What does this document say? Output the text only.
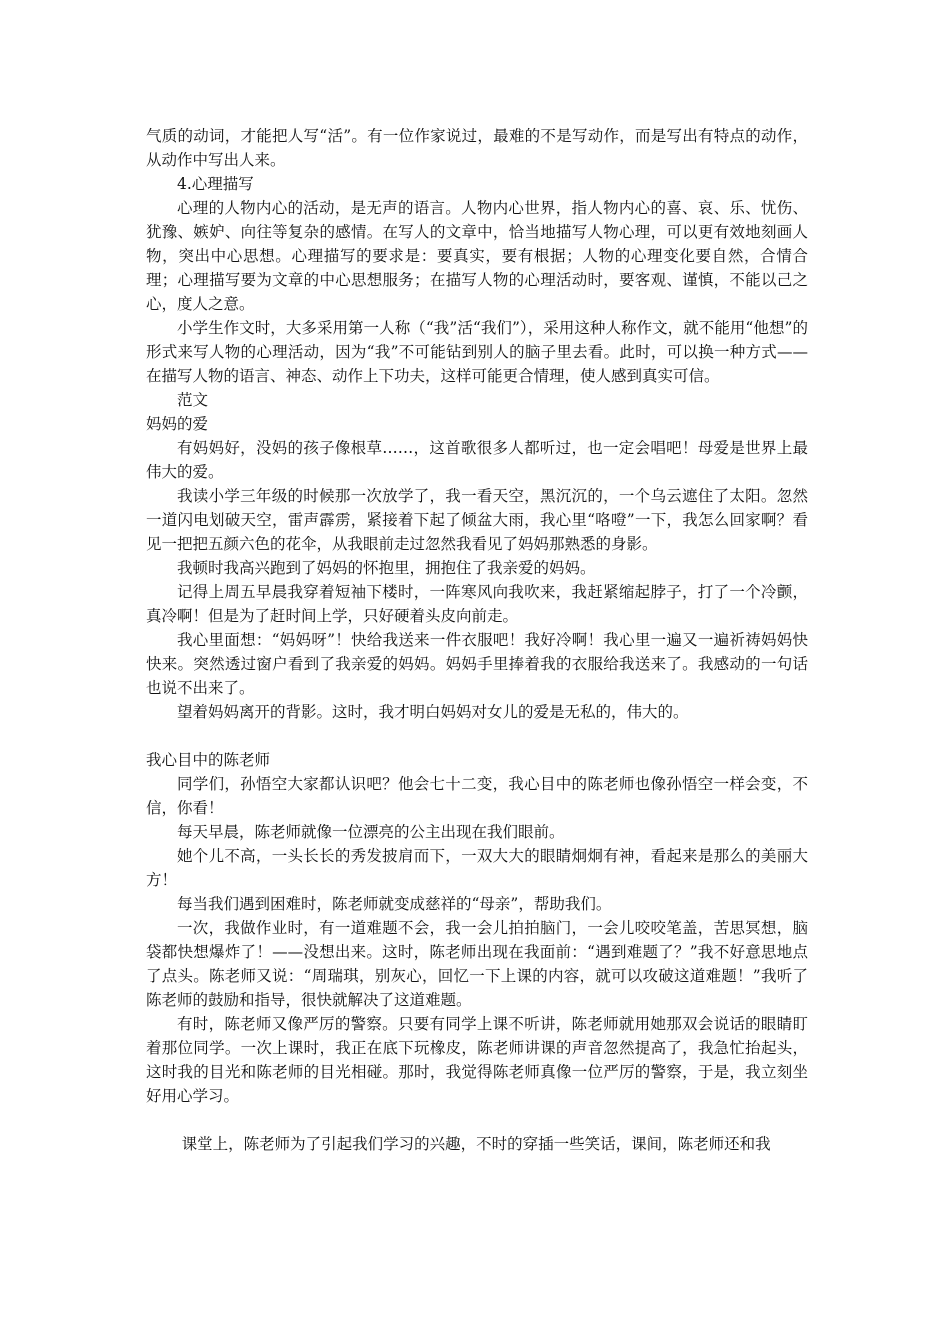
气质的动词，才能把人写“活”。有一位作家说过，最难的不是写动作，而是写出有特点的动作，从动作中写出人来。

4.心理描写

心理的人物内心的活动，是无声的语言。人物内心世界，指人物内心的喜、哀、乐、忧伤、犹豫、嫉妒、向往等复杂的感情。在写人的文章中，恰当地描写人物心理，可以更有效地刻画人物，突出中心思想。心理描写的要求是：要真实，要有根据；人物的心理变化要自然，合情合理；心理描写要为文章的中心思想服务；在描写人物的心理活动时，要客观、谨慎，不能以己之心，度人之意。

小学生作文时，大多采用第一人称（“我”活“我们”），采用这种人称作文，就不能用“他想”的形式来写人物的心理活动，因为“我”不可能钻到别人的脑子里去看。此时，可以换一种方式——在描写人物的语言、神态、动作上下功夫，这样可能更合情理，使人感到真实可信。

范文

妈妈的爱

有妈妈好，没妈的孩子像根草……，这首歌很多人都听过，也一定会唱吧！母爱是世界上最伟大的爱。

我读小学三年级的时候那一次放学了，我一看天空，黑沉沉的，一个乌云遮住了太阳。忽然一道闪电划破天空，雷声霹雳，紧接着下起了倾盆大雨，我心里“咯噔”一下，我怎么回家啊？看见一把把五颜六色的花伞，从我眼前走过忽然我看见了妈妈那熟悉的身影。

我顿时我高兴跑到了妈妈的怀抱里，拥抱住了我亲爱的妈妈。

记得上周五早晨我穿着短袖下楼时，一阵寒风向我吹来，我赶紧缩起脖子，打了一个冷颤，真冷啊！但是为了赶时间上学，只好硬着头皮向前走。

我心里面想：“妈妈呀”！快给我送来一件衣服吧！我好冷啊！我心里一遍又一遍祈祷妈妈快快来。突然透过窗户看到了我亲爱的妈妈。妈妈手里捧着我的衣服给我送来了。我感动的一句话也说不出来了。

望着妈妈离开的背影。这时，我才明白妈妈对女儿的爱是无私的，伟大的。

我心目中的陈老师

同学们，孙悟空大家都认识吧？他会七十二变，我心目中的陈老师也像孙悟空一样会变，不信，你看！

每天早晨，陈老师就像一位漂亮的公主出现在我们眼前。

她个儿不高，一头长长的秀发披肩而下，一双大大的眼睛炯炯有神，看起来是那么的美丽大方！

每当我们遇到困难时，陈老师就变成慈祥的“母亲”，帮助我们。

一次，我做作业时，有一道难题不会，我一会儿拍拍脑门，一会儿咬咬笔盖，苦思冥想，脑袋都快想爆炸了！——没想出来。这时，陈老师出现在我面前：“遇到难题了？”我不好意思地点了点头。陈老师又说：“周瑞琪，别灰心，回忆一下上课的内容，就可以攻破这道难题！”我听了陈老师的鼓励和指导，很快就解决了这道难题。

有时，陈老师又像严厉的警察。只要有同学上课不听讲，陈老师就用她那双会说话的眼睛盯着那位同学。一次上课时，我正在底下玩橡皮，陈老师讲课的声音忽然提高了，我急忙抬起头，这时我的目光和陈老师的目光相碰。那时，我觉得陈老师真像一位严厉的警察，于是，我立刻坐好用心学习。

课堂上，陈老师为了引起我们学习的兴趣，不时的穿插一些笑话，课间，陈老师还和我
